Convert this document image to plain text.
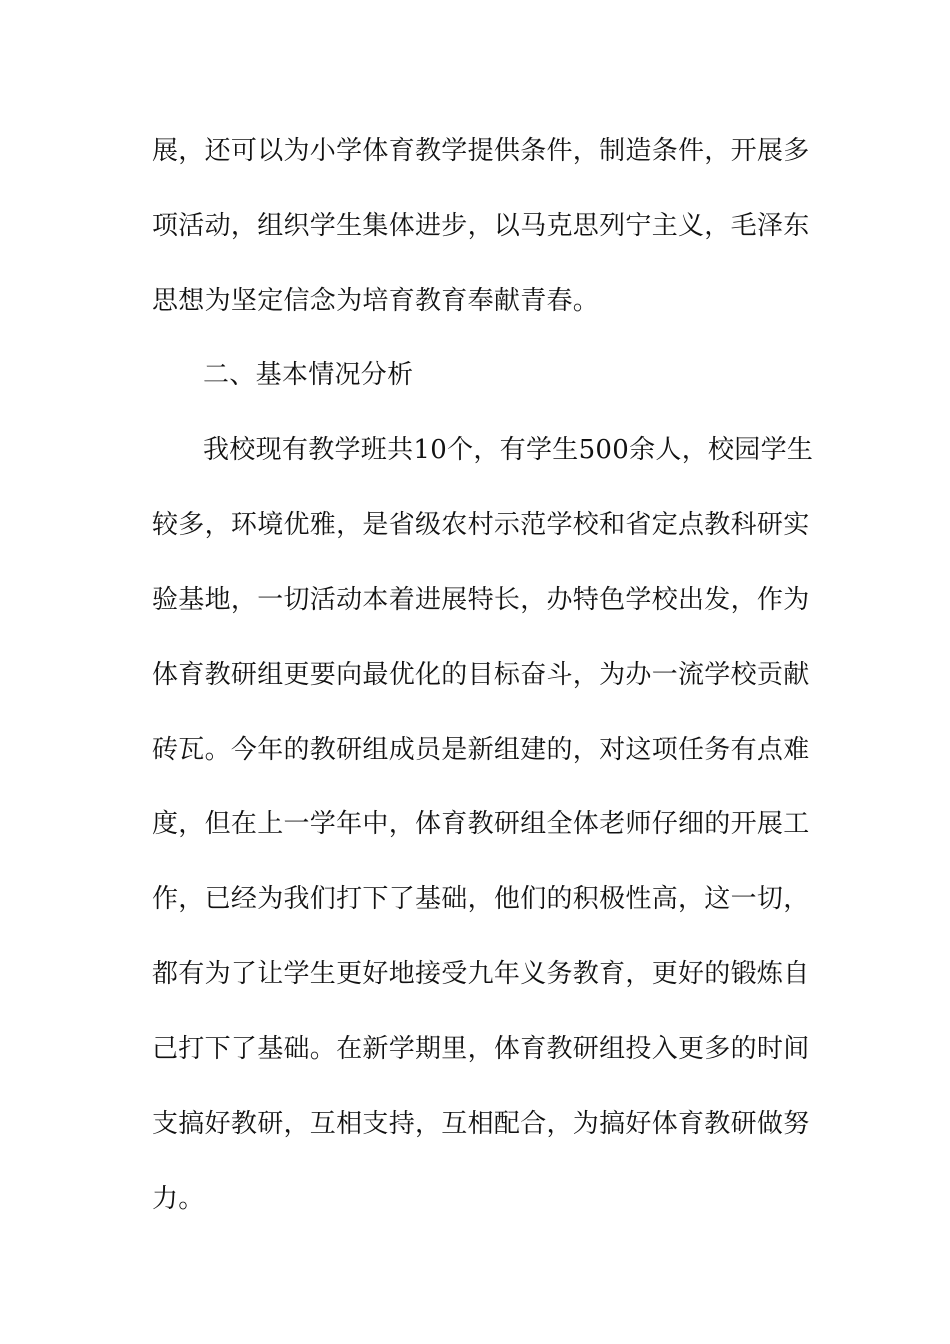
展，还可以为小学体育教学提供条件，制造条件，开展多
项活动，组织学生集体进步，以马克思列宁主义，毛泽东
思想为坚定信念为培育教育奉献青春。
二、基本情况分析
我校现有教学班共10个，有学生500余人，校园学生
较多，环境优雅，是省级农村示范学校和省定点教科研实
验基地，一切活动本着进展特长，办特色学校出发，作为
体育教研组更要向最优化的目标奋斗，为办一流学校贡献
砖瓦。今年的教研组成员是新组建的，对这项任务有点难
度，但在上一学年中，体育教研组全体老师仔细的开展工
作，已经为我们打下了基础，他们的积极性高，这一切，
都有为了让学生更好地接受九年义务教育，更好的锻炼自
己打下了基础。在新学期里，体育教研组投入更多的时间
支搞好教研，互相支持，互相配合，为搞好体育教研做努
力。
